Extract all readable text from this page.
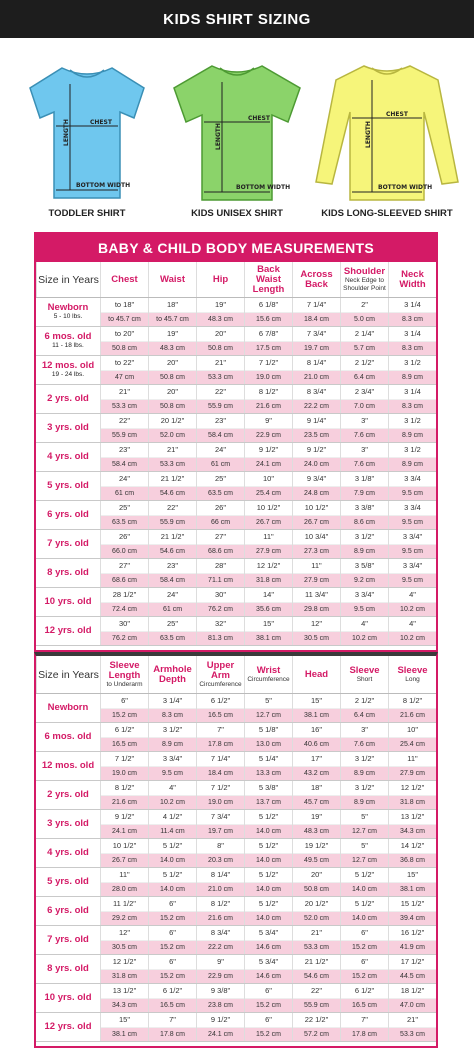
KIDS SHIRT SIZING
CHEST
LENGTH
BOTTOM WIDTH
TODDLER SHIRT
CHEST
LENGTH
BOTTOM WIDTH
KIDS UNISEX SHIRT
CHEST
LENGTH
BOTTOM WIDTH
KIDS LONG-SLEEVED SHIRT
BABY & CHILD BODY MEASUREMENTS
Size in Years Chest Waist	Hip
Back Waist Length
Across Back
Shoulder
Neck Edge to Shoulder Point
Neck Width
Newborn
5 - 10 lbs.
to 18"
to 45.7 cm
18"
to 45.7 cm
19"
48.3 cm
6 1/8"
15.6 cm
7 1/4"
18.4 cm
2"
5.0 cm
3 1/4
8.3 cm
6 mos. old
11 - 18 lbs.
to 20"
50.8 cm
19"
48.3 cm
20"
50.8 cm
6 7/8"
17.5 cm
7 3/4"
19.7 cm
2 1/4"
5.7 cm
3 1/4
8.3 cm
12 mos. old
19 - 24 lbs.
to 22"
47 cm
20"
50.8 cm
21"
53.3 cm
7 1/2"
19.0 cm
8 1/4"
21.0 cm
2 1/2"
6.4 cm
3 1/2
8.9 cm
2 yrs. old
21"
53.3 cm
20"
50.8 cm
22"
55.9 cm
8 1/2"
21.6 cm
8 3/4"
22.2 cm
2 3/4"
7.0 cm
3 1/4
8.3 cm
3 yrs. old
22"
55.9 cm
20 1/2"
52.0 cm
23"
58.4 cm
9"
22.9 cm
9 1/4"
23.5 cm
3"
7.6 cm
3 1/2
8.9 cm
4 yrs. old
23"
58.4 cm
21"
53.3 cm
24"
61 cm
9 1/2"
24.1 cm
9 1/2"
24.0 cm
3"
7.6 cm
3 1/2
8.9 cm
5 yrs. old
24"
61 cm
21 1/2"
54.6 cm
25"
63.5 cm
10"
25.4 cm
9 3/4"
24.8 cm
3 1/8"
7.9 cm
3 3/4
9.5 cm
6 yrs. old
25"
63.5 cm
22"
55.9 cm
26"
66 cm
10 1/2"
26.7 cm
10 1/2"
26.7 cm
3 3/8"
8.6 cm
3 3/4
9.5 cm
7 yrs. old
26"
66.0 cm
21 1/2"
54.6 cm
27"
68.6 cm
11"
27.9 cm
10 3/4"
27.3 cm
3 1/2"
8.9 cm
3 3/4"
9.5 cm
8 yrs. old
27"
68.6 cm
23"
58.4 cm
28"
71.1 cm
12 1/2"
31.8 cm
11"
27.9 cm
3 5/8"
9.2 cm
3 3/4"
9.5 cm
10 yrs. old
28 1/2"
72.4 cm
24"
61 cm
30"
76.2 cm
14"
35.6 cm
11 3/4"
29.8 cm
3 3/4"
9.5 cm
4"
10.2 cm
12 yrs. old
30"
76.2 cm
25"
63.5 cm
32"
81.3 cm
15"
38.1 cm
12"
30.5 cm
4"
10.2 cm
4"
10.2 cm
Size in Years
Sleeve Length
to Underarm
Armhole Depth
Upper Arm
Circumference
Wrist
Circumference Head Sleeve
Short
Sleeve
Long
Newborn
6"
15.2 cm
3 1/4"
8.3 cm
6 1/2"
16.5 cm
5"
12.7 cm
15"
38.1 cm
2 1/2"
6.4 cm
8 1/2"
21.6 cm
6 mos. old
6 1/2"
16.5 cm
3 1/2"
8.9 cm
7"
17.8 cm
5 1/8"
13.0 cm
16"
40.6 cm
3"
7.6 cm
10"
25.4 cm
12 mos. old
7 1/2"
19.0 cm
3 3/4"
9.5 cm
7 1/4"
18.4 cm
5 1/4"
13.3 cm
17"
43.2 cm
3 1/2"
8.9 cm
11"
27.9 cm
2 yrs. old
8 1/2"
21.6 cm
4"
10.2 cm
7 1/2"
19.0 cm
5 3/8"
13.7 cm
18"
45.7 cm
3 1/2"
8.9 cm
12 1/2"
31.8 cm
3 yrs. old
9 1/2"
24.1 cm
4 1/2"
11.4 cm
7 3/4"
19.7 cm
5 1/2"
14.0 cm
19"
48.3 cm
5"
12.7 cm
13 1/2"
34.3 cm
4 yrs. old
10 1/2"
26.7 cm
5 1/2"
14.0 cm
8"
20.3 cm
5 1/2"
14.0 cm
19 1/2"
49.5 cm
5"
12.7 cm
14 1/2"
36.8 cm
5 yrs. old
11"
28.0 cm
5 1/2"
14.0 cm
8 1/4"
21.0 cm
5 1/2"
14.0 cm
20"
50.8 cm
5 1/2"
14.0 cm
15"
38.1 cm
6 yrs. old
11 1/2"
29.2 cm
6"
15.2 cm
8 1/2"
21.6 cm
5 1/2"
14.0 cm
20 1/2"
52.0 cm
5 1/2"
14.0 cm
15 1/2"
39.4 cm
7 yrs. old
12"
30.5 cm
6"
15.2 cm
8 3/4"
22.2 cm
5 3/4"
14.6 cm
21"
53.3 cm
6"
15.2 cm
16 1/2"
41.9 cm
8 yrs. old
12 1/2"
31.8 cm
6"
15.2 cm
9"
22.9 cm
5 3/4"
14.6 cm
21 1/2"
54.6 cm
6"
15.2 cm
17 1/2"
44.5 cm
10 yrs. old
13 1/2"
34.3 cm
6 1/2"
16.5 cm
9 3/8"
23.8 cm
6"
15.2 cm
22"
55.9 cm
6 1/2"
16.5 cm
18 1/2"
47.0 cm
12 yrs. old
15"
38.1 cm
7"
17.8 cm
9 1/2"
24.1 cm
6"
15.2 cm
22 1/2"
57.2 cm
7"
17.8 cm
21"
53.3 cm
